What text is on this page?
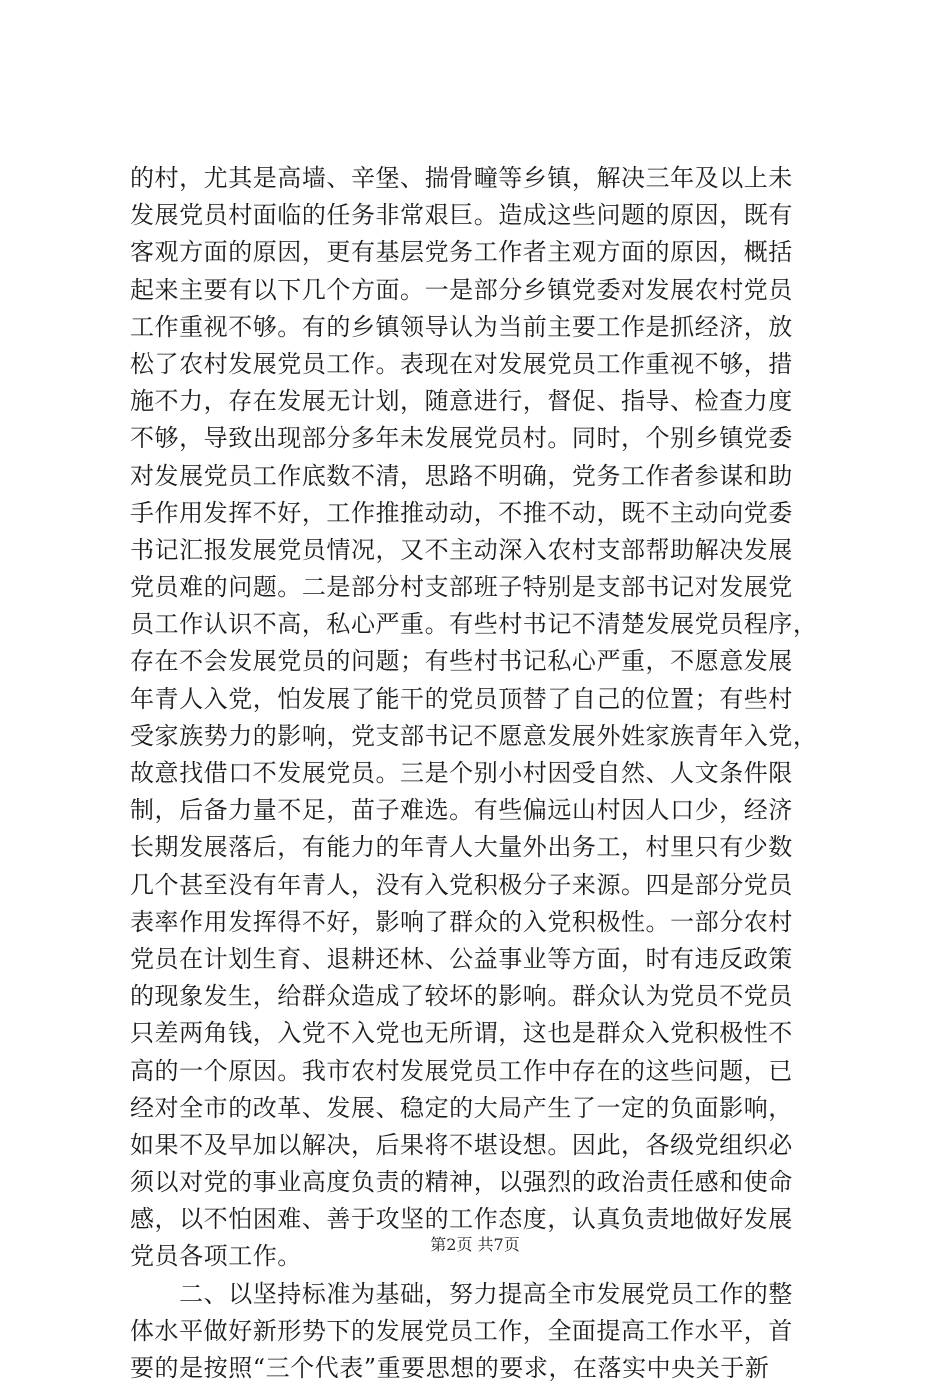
的村，尤其是高墙、辛堡、揣骨疃等乡镇，解决三年及以上未
发展党员村面临的任务非常艰巨。造成这些问题的原因，既有
客观方面的原因，更有基层党务工作者主观方面的原因，概括
起来主要有以下几个方面。一是部分乡镇党委对发展农村党员
工作重视不够。有的乡镇领导认为当前主要工作是抓经济，放
松了农村发展党员工作。表现在对发展党员工作重视不够，措
施不力，存在发展无计划，随意进行，督促、指导、检查力度
不够，导致出现部分多年未发展党员村。同时，个别乡镇党委
对发展党员工作底数不清，思路不明确，党务工作者参谋和助
手作用发挥不好，工作推推动动，不推不动，既不主动向党委
书记汇报发展党员情况，又不主动深入农村支部帮助解决发展
党员难的问题。二是部分村支部班子特别是支部书记对发展党
员工作认识不高，私心严重。有些村书记不清楚发展党员程序，
存在不会发展党员的问题；有些村书记私心严重，不愿意发展
年青人入党，怕发展了能干的党员顶替了自己的位置；有些村
受家族势力的影响，党支部书记不愿意发展外姓家族青年入党，
故意找借口不发展党员。三是个别小村因受自然、人文条件限
制，后备力量不足，苗子难选。有些偏远山村因人口少，经济
长期发展落后，有能力的年青人大量外出务工，村里只有少数
几个甚至没有年青人，没有入党积极分子来源。四是部分党员
表率作用发挥得不好，影响了群众的入党积极性。一部分农村
党员在计划生育、退耕还林、公益事业等方面，时有违反政策
的现象发生，给群众造成了较坏的影响。群众认为党员不党员
只差两角钱，入党不入党也无所谓，这也是群众入党积极性不
高的一个原因。我市农村发展党员工作中存在的这些问题，已
经对全市的改革、发展、稳定的大局产生了一定的负面影响，
如果不及早加以解决，后果将不堪设想。因此，各级党组织必
须以对党的事业高度负责的精神，以强烈的政治责任感和使命
感，以不怕困难、善于攻坚的工作态度，认真负责地做好发展
党员各项工作。
　　二、以坚持标准为基础，努力提高全市发展党员工作的整
体水平做好新形势下的发展党员工作，全面提高工作水平，首
要的是按照“三个代表”重要思想的要求，在落实中央关于新
第2页 共7页
